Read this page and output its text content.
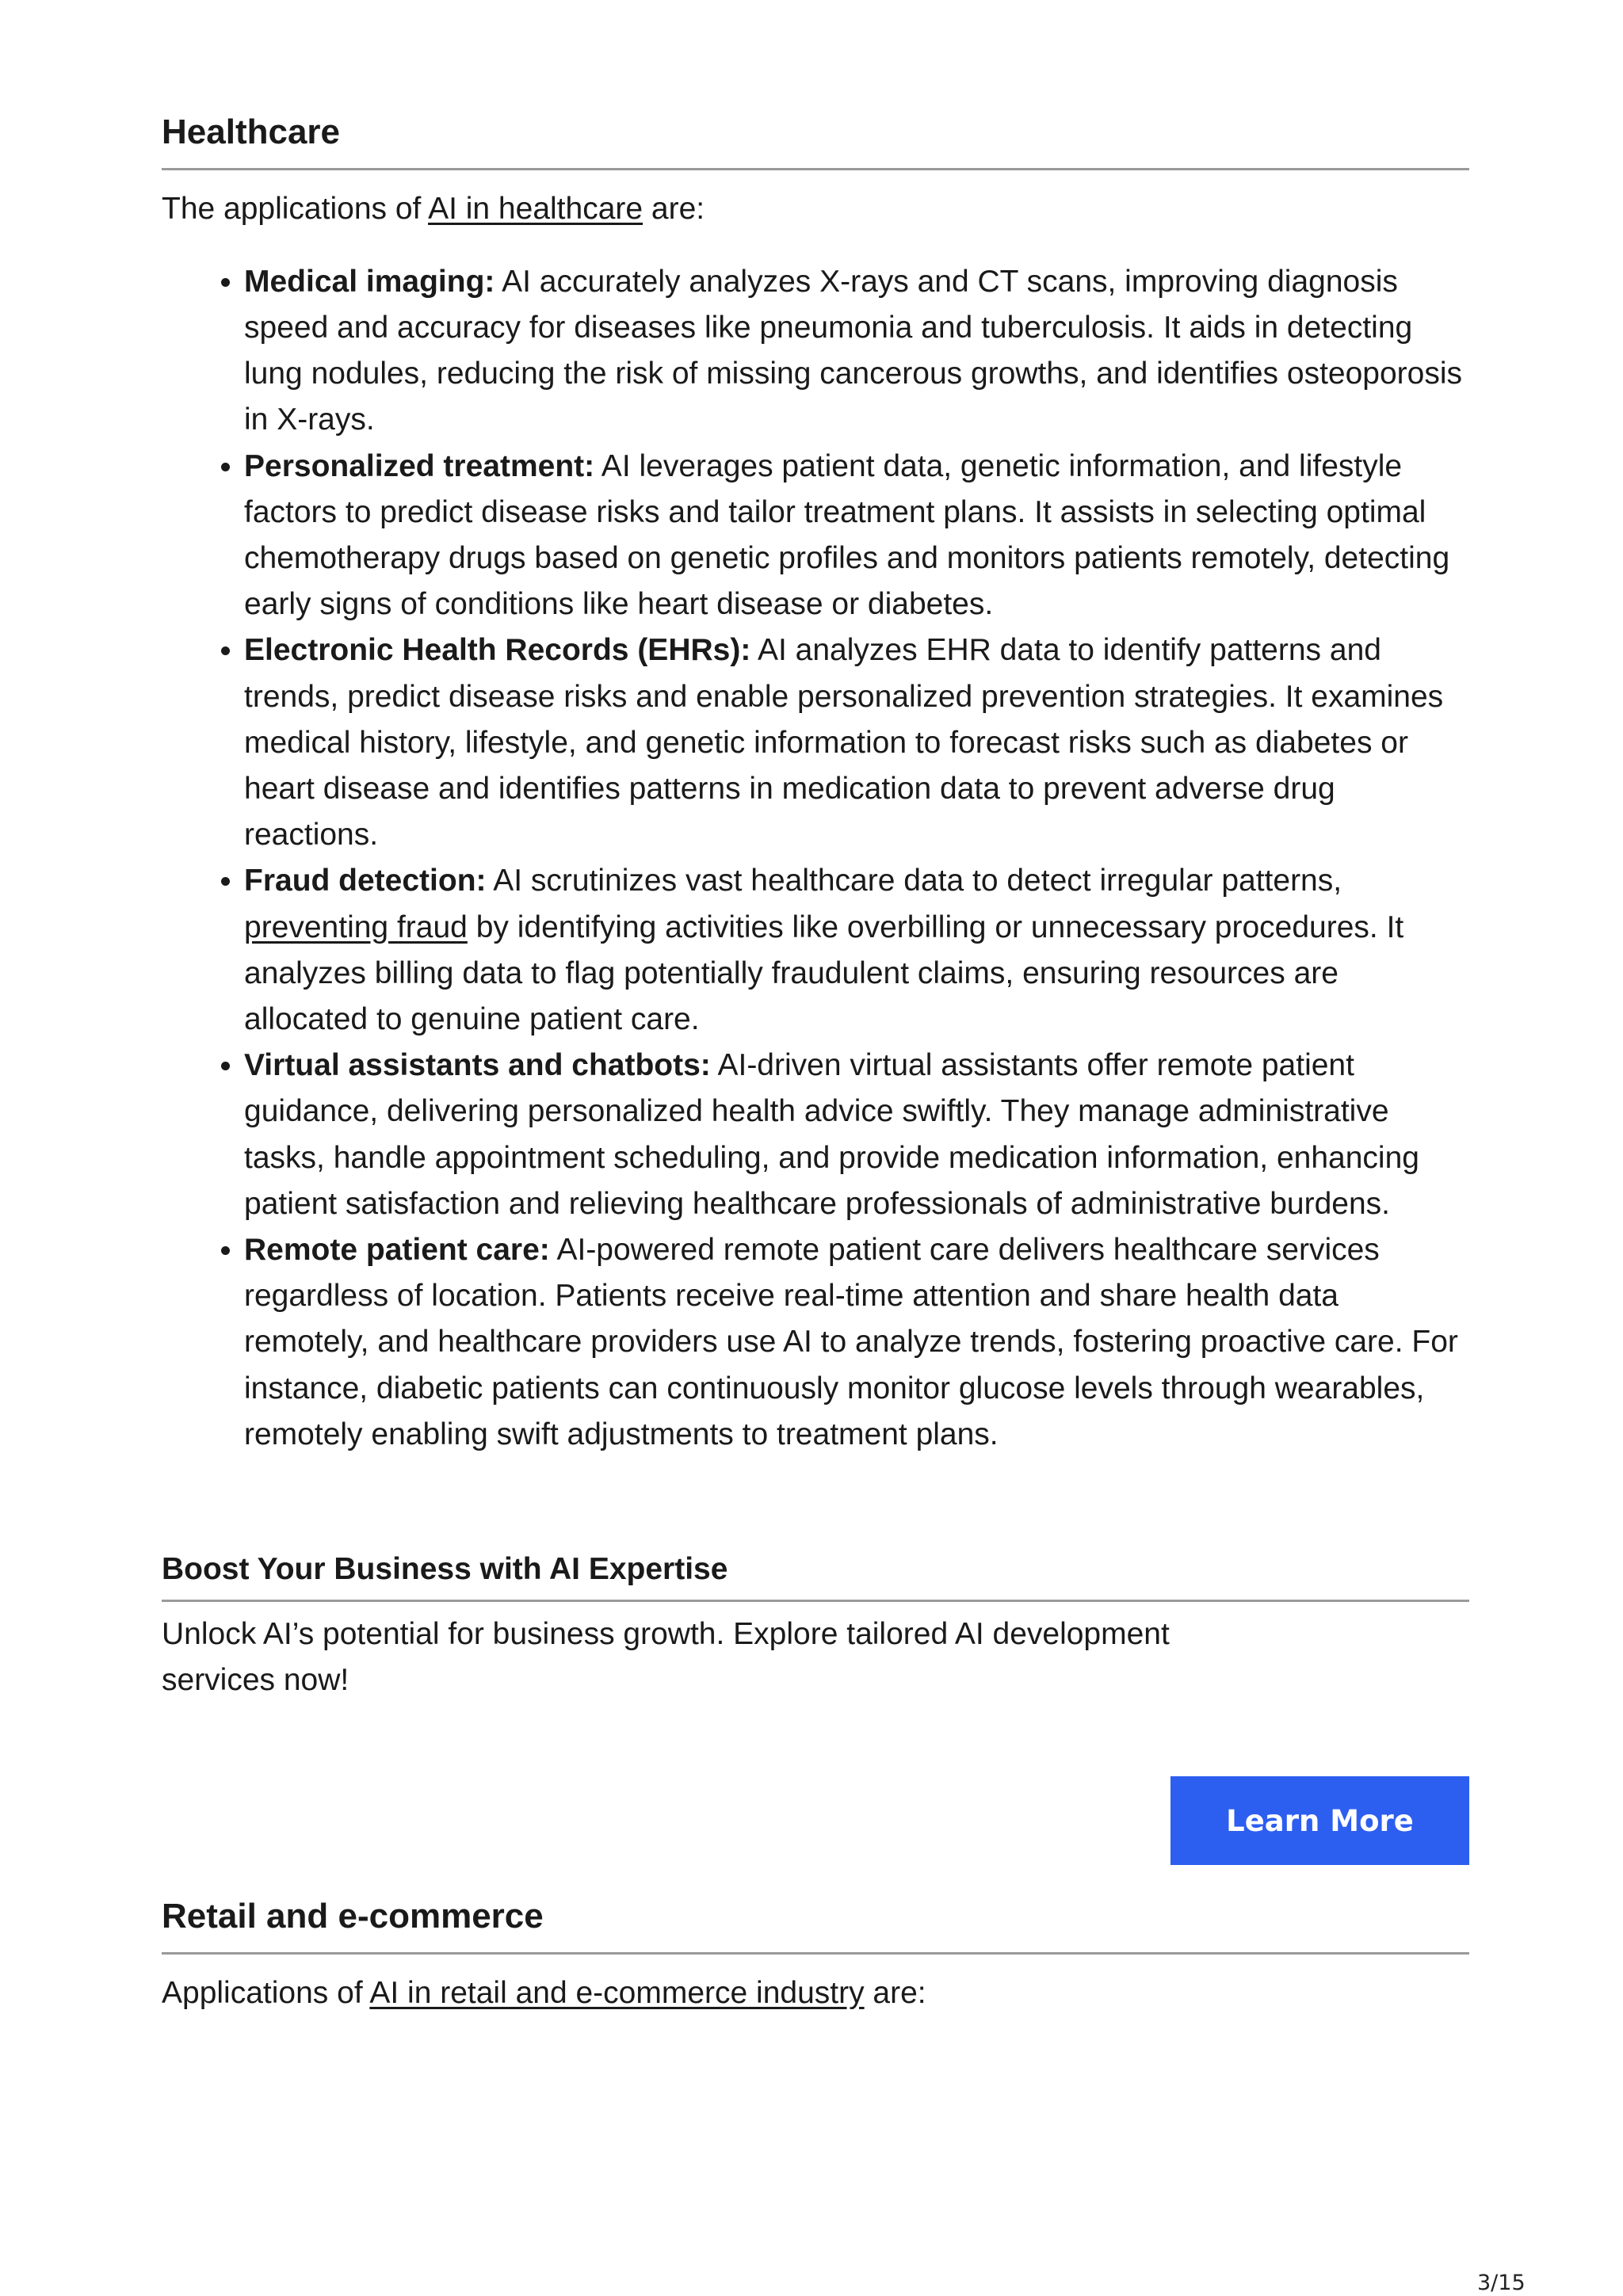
Healthcare

The applications of AI in healthcare are:

• Medical imaging: AI accurately analyzes X-rays and CT scans, improving diagnosis speed and accuracy for diseases like pneumonia and tuberculosis. It aids in detecting lung nodules, reducing the risk of missing cancerous growths, and identifies osteoporosis in X-rays.
• Personalized treatment: AI leverages patient data, genetic information, and lifestyle factors to predict disease risks and tailor treatment plans. It assists in selecting optimal chemotherapy drugs based on genetic profiles and monitors patients remotely, detecting early signs of conditions like heart disease or diabetes.
• Electronic Health Records (EHRs): AI analyzes EHR data to identify patterns and trends, predict disease risks and enable personalized prevention strategies. It examines medical history, lifestyle, and genetic information to forecast risks such as diabetes or heart disease and identifies patterns in medication data to prevent adverse drug reactions.
• Fraud detection: AI scrutinizes vast healthcare data to detect irregular patterns, preventing fraud by identifying activities like overbilling or unnecessary procedures. It analyzes billing data to flag potentially fraudulent claims, ensuring resources are allocated to genuine patient care.
• Virtual assistants and chatbots: AI-driven virtual assistants offer remote patient guidance, delivering personalized health advice swiftly. They manage administrative tasks, handle appointment scheduling, and provide medication information, enhancing patient satisfaction and relieving healthcare professionals of administrative burdens.
• Remote patient care: AI-powered remote patient care delivers healthcare services regardless of location. Patients receive real-time attention and share health data remotely, and healthcare providers use AI to analyze trends, fostering proactive care. For instance, diabetic patients can continuously monitor glucose levels through wearables, remotely enabling swift adjustments to treatment plans.
Boost Your Business with AI Expertise

Unlock AI’s potential for business growth. Explore tailored AI development
services now!

Learn More
Retail and e-commerce

Applications of AI in retail and e-commerce industry are:

3/15
